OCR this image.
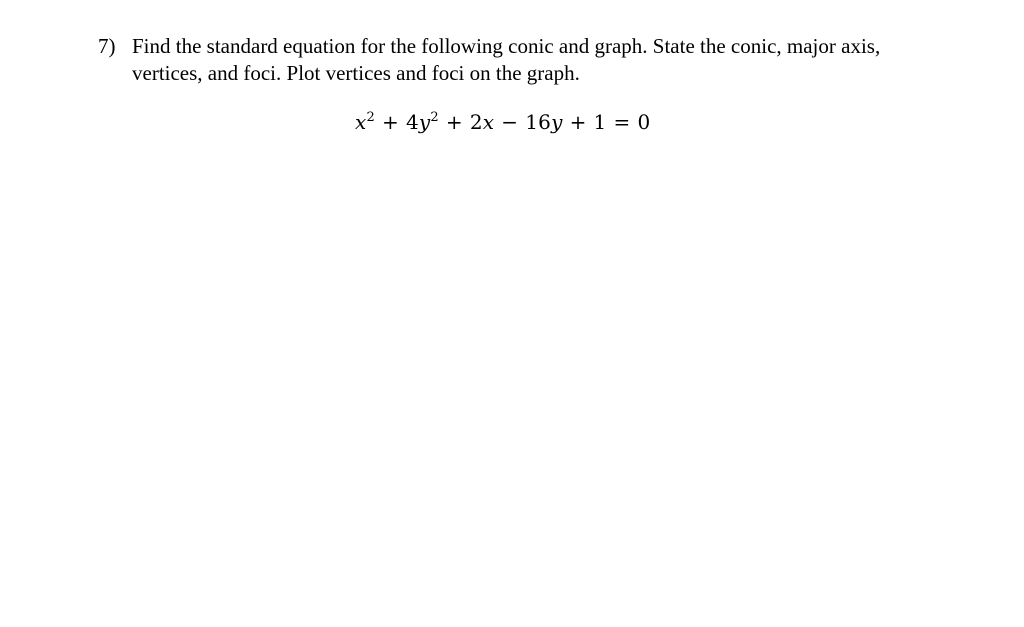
7) Find the standard equation for the following conic and graph. State the conic, major axis,
vertices, and foci. Plot vertices and foci on the graph.
$x^2 + 4y^2 + 2x - 16y + 1 = 0$
